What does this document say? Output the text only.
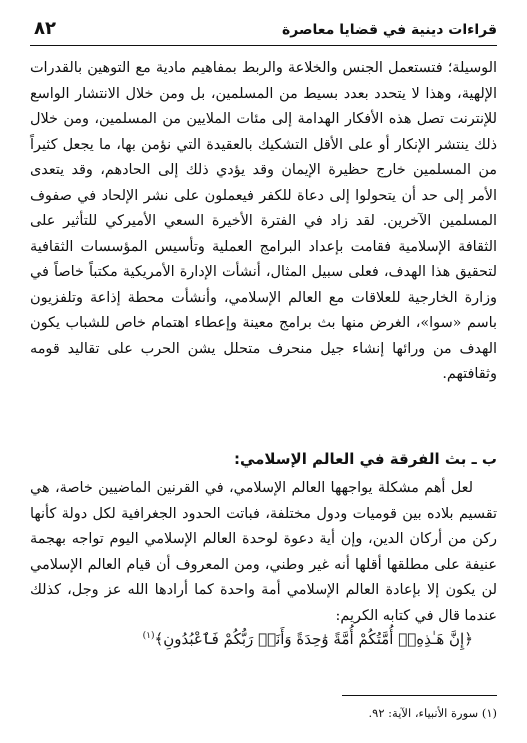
قراءات دينية في قضايا معاصرة
٨٢

الوسيلة؛ فتستعمل الجنس والخلاعة والربط بمفاهيم مادية مع التوهين بالقدرات الإلهية، وهذا لا يتحدد بعدد بسيط من المسلمين، بل ومن خلال الانتشار الواسع للإنترنت تصل هذه الأفكار الهدامة إلى مئات الملايين من المسلمين، ومن خلال ذلك ينتشر الإنكار أو على الأقل التشكيك بالعقيدة التي نؤمن بها، ما يجعل كثيراً من المسلمين خارج حظيرة الإيمان وقد يؤدي ذلك إلى الحادهم، وقد يتعدى الأمر إلى حد أن يتحولوا إلى دعاة للكفر فيعملون على نشر الإلحاد في صفوف المسلمين الآخرين. لقد زاد في الفترة الأخيرة السعي الأميركي للتأثير على الثقافة الإسلامية فقامت بإعداد البرامج العملية وتأسيس المؤسسات الثقافية لتحقيق هذا الهدف، فعلى سبيل المثال، أنشأت الإدارة الأمريكية مكتباً خاصاً في وزارة الخارجية للعلاقات مع العالم الإسلامي، وأنشأت محطة إذاعة وتلفزيون باسم «سوا»، الغرض منها بث برامج معينة وإعطاء اهتمام خاص للشباب يكون الهدف من ورائها إنشاء جيل منحرف متحلل يشن الحرب على تقاليد قومه وثقافتهم.

ب ـ بث الفرقة في العالم الإسلامي:

لعل أهم مشكلة يواجهها العالم الإسلامي، في القرنين الماضيين خاصة، هي تقسيم بلاده بين قوميات ودول مختلفة، فباتت الحدود الجغرافية لكل دولة كأنها ركن من أركان الدين، وإن أية دعوة لوحدة العالم الإسلامي اليوم تواجه بهجمة عنيفة على مطلقها أقلها أنه غير وطني، ومن المعروف أن قيام العالم الإسلامي لن يكون إلا بإعادة العالم الإسلامي أمة واحدة كما أرادها الله عز وجل، كذلك عندما قال في كتابه الكريم:

﴿إِنَّ هَـٰذِهِۦٓ أُمَّتُكُمْ أُمَّةً وَٰحِدَةً وَأَنَا۠ رَبُّكُمْ فَٱعْبُدُونِ﴾$^{(١)}$
(١) سورة الأنبياء، الآية: ٩٢.
